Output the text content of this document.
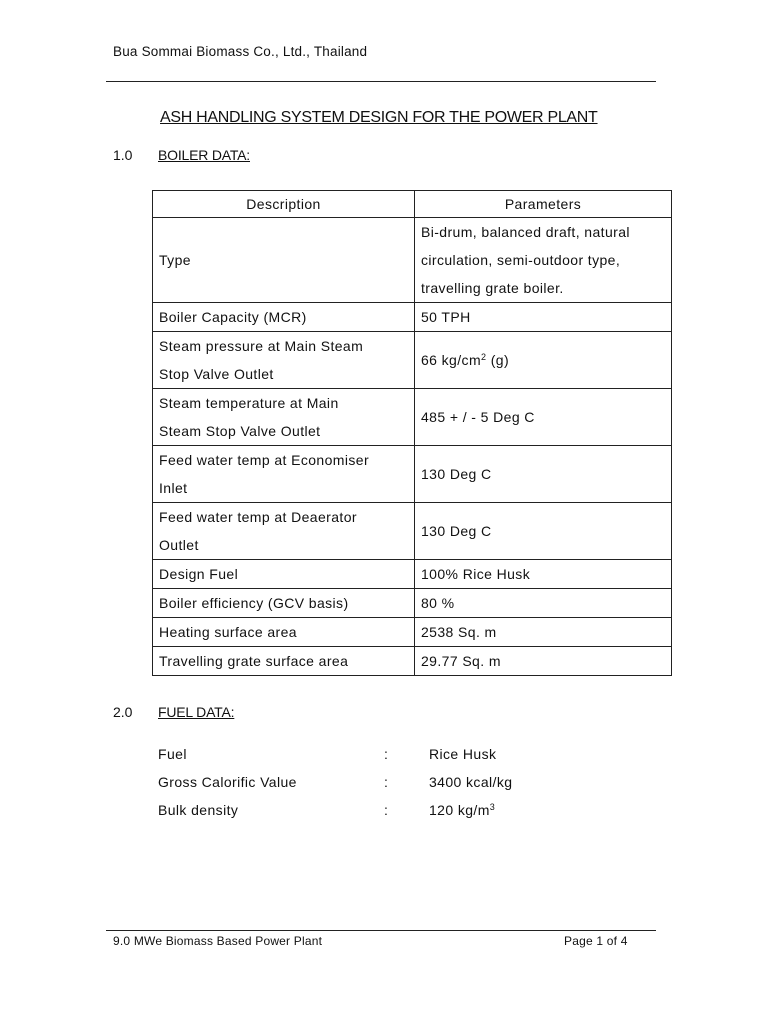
Bua Sommai Biomass Co., Ltd., Thailand
ASH HANDLING SYSTEM DESIGN FOR THE POWER PLANT
1.0 BOILER DATA:
Description	Parameters
Type	Bi-drum, balanced draft, natural
circulation, semi-outdoor type,
travelling grate boiler.

Boiler Capacity (MCR)	50 TPH

Steam pressure at Main Steam
Stop Valve Outlet	66 $kg/cm^2$ (g)

Steam temperature at Main
Steam Stop Valve Outlet	485 + / - 5 Deg C

Feed water temp at Economiser
Inlet	130 Deg C

Feed water temp at Deaerator
Outlet	130 Deg C
Design Fuel	100% Rice Husk
Boiler efficiency (GCV basis)	80 %
Heating surface area	2538 Sq. m
Travelling grate surface area	29.77 Sq. m
2.0 FUEL DATA:
Fuel	:	Rice Husk
Gross Calorific Value	:	3400 kcal/kg
Bulk density	:	120 $kg/m^3$
9.0 MWe Biomass Based Power Plant	Page 1 of 4
